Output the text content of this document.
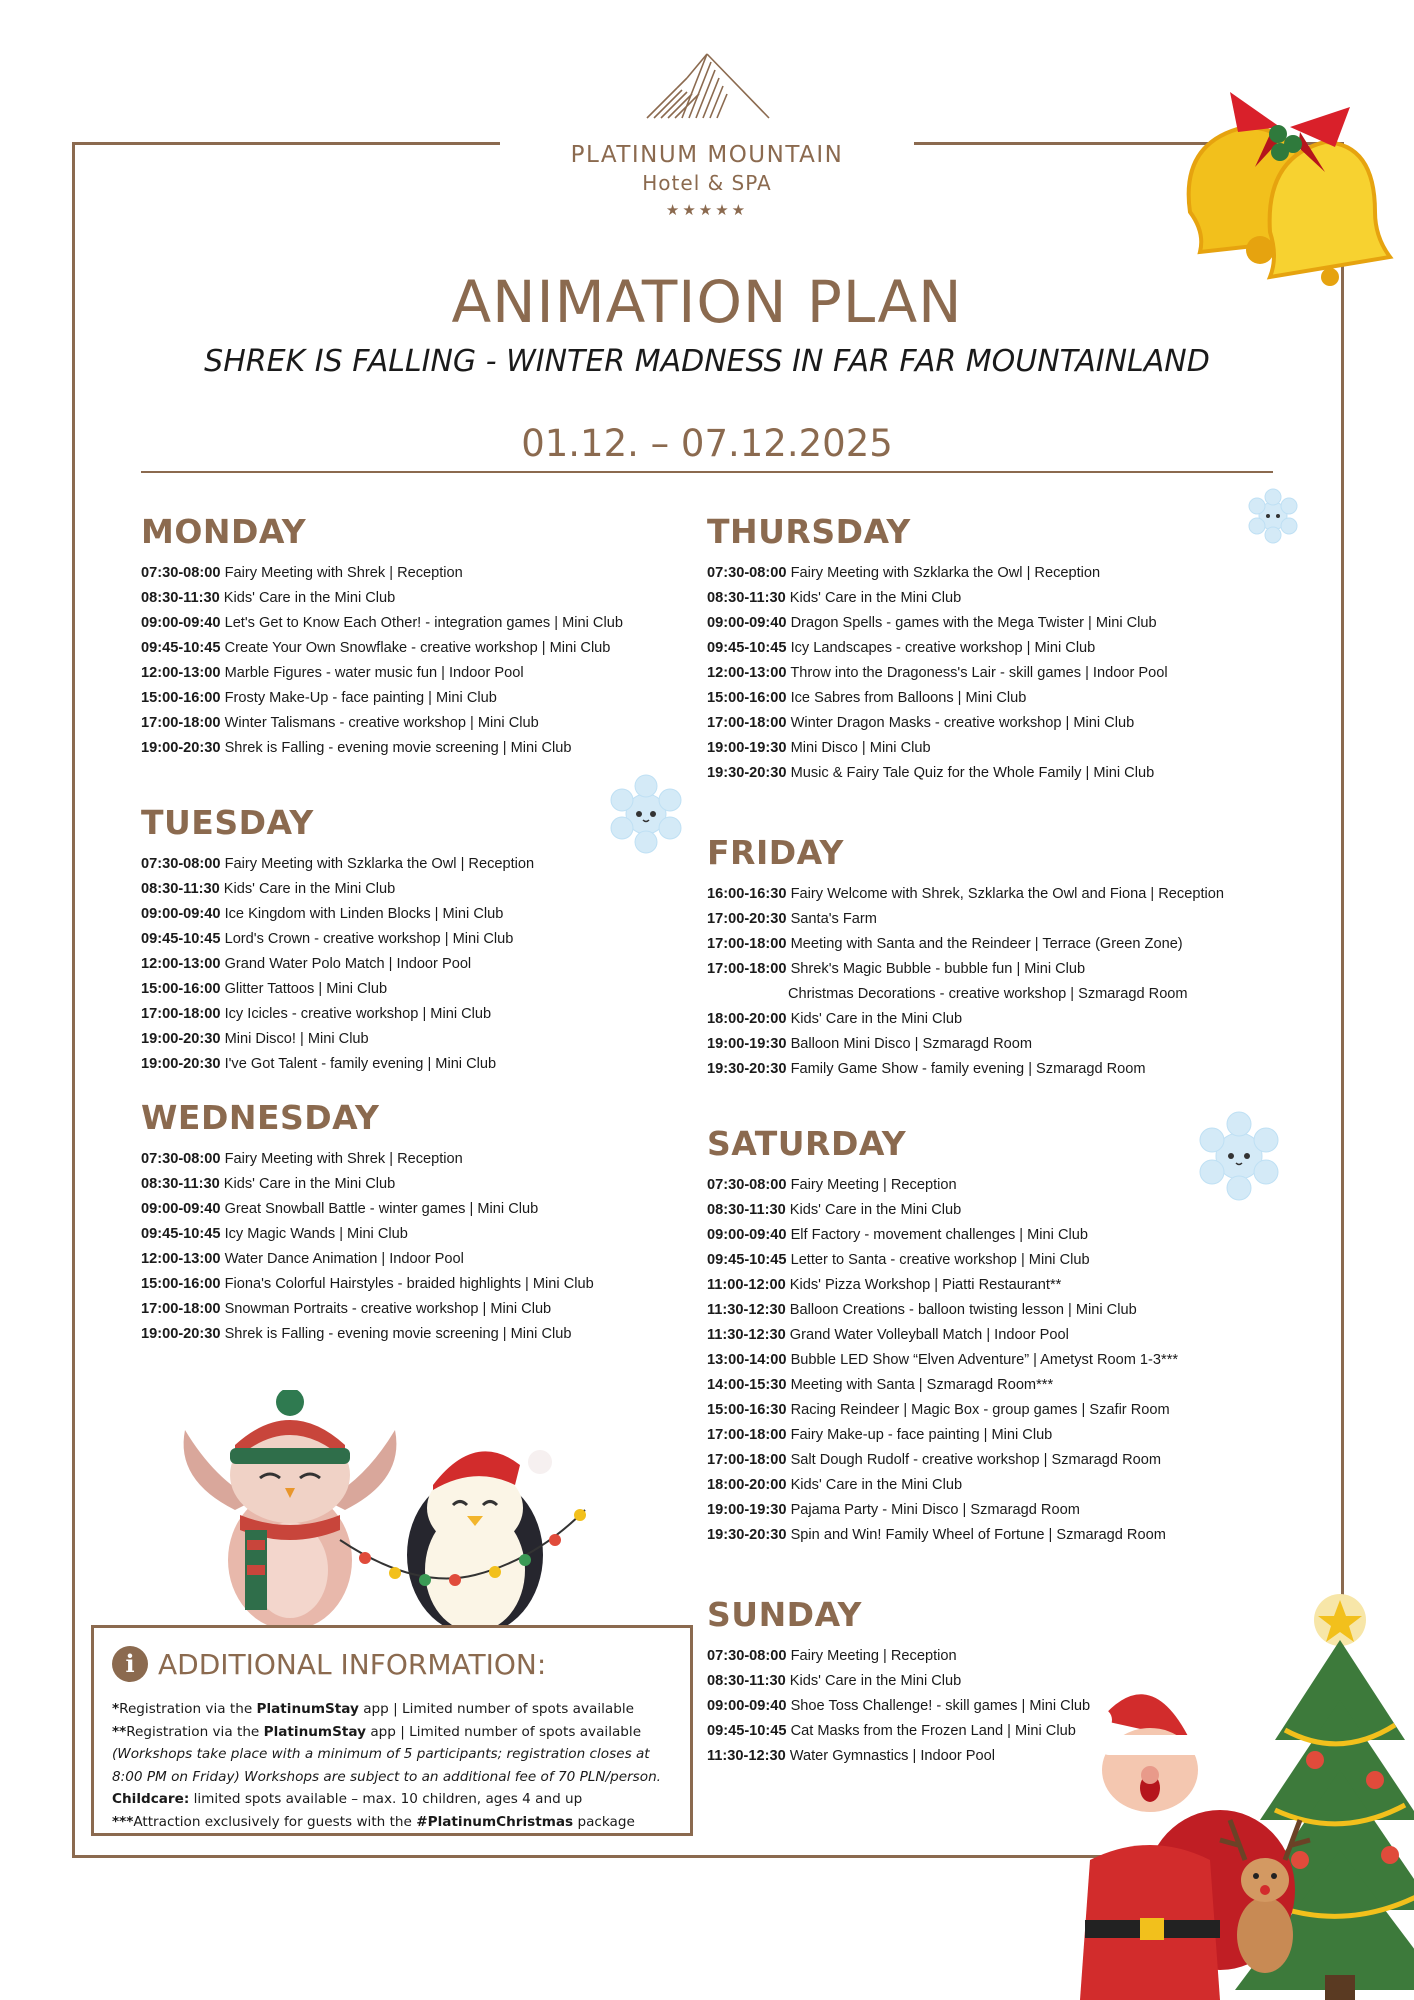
PLATINUM MOUNTAIN
Hotel & SPA
★★★★★
ANIMATION PLAN
SHREK IS FALLING - WINTER MADNESS IN FAR FAR MOUNTAINLAND
01.12. – 07.12.2025
MONDAY
07:30-08:00 Fairy Meeting with Shrek | Reception
08:30-11:30 Kids' Care in the Mini Club
09:00-09:40 Let's Get to Know Each Other! - integration games | Mini Club
09:45-10:45 Create Your Own Snowflake - creative workshop | Mini Club
12:00-13:00 Marble Figures - water music fun | Indoor Pool
15:00-16:00 Frosty Make-Up - face painting | Mini Club
17:00-18:00 Winter Talismans - creative workshop | Mini Club
19:00-20:30 Shrek is Falling - evening movie screening | Mini Club
TUESDAY
07:30-08:00 Fairy Meeting with Szklarka the Owl | Reception
08:30-11:30 Kids' Care in the Mini Club
09:00-09:40 Ice Kingdom with Linden Blocks | Mini Club
09:45-10:45 Lord's Crown - creative workshop | Mini Club
12:00-13:00 Grand Water Polo Match | Indoor Pool
15:00-16:00 Glitter Tattoos | Mini Club
17:00-18:00 Icy Icicles - creative workshop | Mini Club
19:00-20:30 Mini Disco! | Mini Club
19:00-20:30 I've Got Talent - family evening | Mini Club
WEDNESDAY
07:30-08:00 Fairy Meeting with Shrek | Reception
08:30-11:30 Kids' Care in the Mini Club
09:00-09:40 Great Snowball Battle - winter games | Mini Club
09:45-10:45 Icy Magic Wands | Mini Club
12:00-13:00 Water Dance Animation | Indoor Pool
15:00-16:00 Fiona's Colorful Hairstyles - braided highlights | Mini Club
17:00-18:00 Snowman Portraits - creative workshop | Mini Club
19:00-20:30 Shrek is Falling - evening movie screening | Mini Club
THURSDAY
07:30-08:00 Fairy Meeting with Szklarka the Owl | Reception
08:30-11:30 Kids' Care in the Mini Club
09:00-09:40 Dragon Spells - games with the Mega Twister | Mini Club
09:45-10:45 Icy Landscapes - creative workshop | Mini Club
12:00-13:00 Throw into the Dragoness's Lair - skill games | Indoor Pool
15:00-16:00 Ice Sabres from Balloons | Mini Club
17:00-18:00 Winter Dragon Masks - creative workshop | Mini Club
19:00-19:30 Mini Disco | Mini Club
19:30-20:30 Music & Fairy Tale Quiz for the Whole Family | Mini Club
FRIDAY
16:00-16:30 Fairy Welcome with Shrek, Szklarka the Owl and Fiona | Reception
17:00-20:30 Santa's Farm
17:00-18:00 Meeting with Santa and the Reindeer | Terrace (Green Zone)
17:00-18:00 Shrek's Magic Bubble - bubble fun | Mini Club
Christmas Decorations - creative workshop | Szmaragd Room
18:00-20:00 Kids' Care in the Mini Club
19:00-19:30 Balloon Mini Disco | Szmaragd Room
19:30-20:30 Family Game Show - family evening | Szmaragd Room
SATURDAY
07:30-08:00 Fairy Meeting | Reception
08:30-11:30 Kids' Care in the Mini Club
09:00-09:40 Elf Factory - movement challenges | Mini Club
09:45-10:45 Letter to Santa - creative workshop | Mini Club
11:00-12:00 Kids' Pizza Workshop | Piatti Restaurant**
11:30-12:30 Balloon Creations - balloon twisting lesson | Mini Club
11:30-12:30 Grand Water Volleyball Match | Indoor Pool
13:00-14:00 Bubble LED Show “Elven Adventure” | Ametyst Room 1-3***
14:00-15:30 Meeting with Santa | Szmaragd Room***
15:00-16:30 Racing Reindeer | Magic Box - group games | Szafir Room
17:00-18:00 Fairy Make-up - face painting | Mini Club
17:00-18:00 Salt Dough Rudolf - creative workshop | Szmaragd Room
18:00-20:00 Kids' Care in the Mini Club
19:00-19:30 Pajama Party - Mini Disco | Szmaragd Room
19:30-20:30 Spin and Win! Family Wheel of Fortune | Szmaragd Room
SUNDAY
07:30-08:00 Fairy Meeting | Reception
08:30-11:30 Kids' Care in the Mini Club
09:00-09:40 Shoe Toss Challenge! - skill games | Mini Club
09:45-10:45 Cat Masks from the Frozen Land | Mini Club
11:30-12:30 Water Gymnastics | Indoor Pool
i ADDITIONAL INFORMATION:
*Registration via the PlatinumStay app | Limited number of spots available
**Registration via the PlatinumStay app | Limited number of spots available (Workshops take place with a minimum of 5 participants; registration closes at 8:00 PM on Friday) Workshops are subject to an additional fee of 70 PLN/person. Childcare: limited spots available – max. 10 children, ages 4 and up
***Attraction exclusively for guests with the #PlatinumChristmas package
